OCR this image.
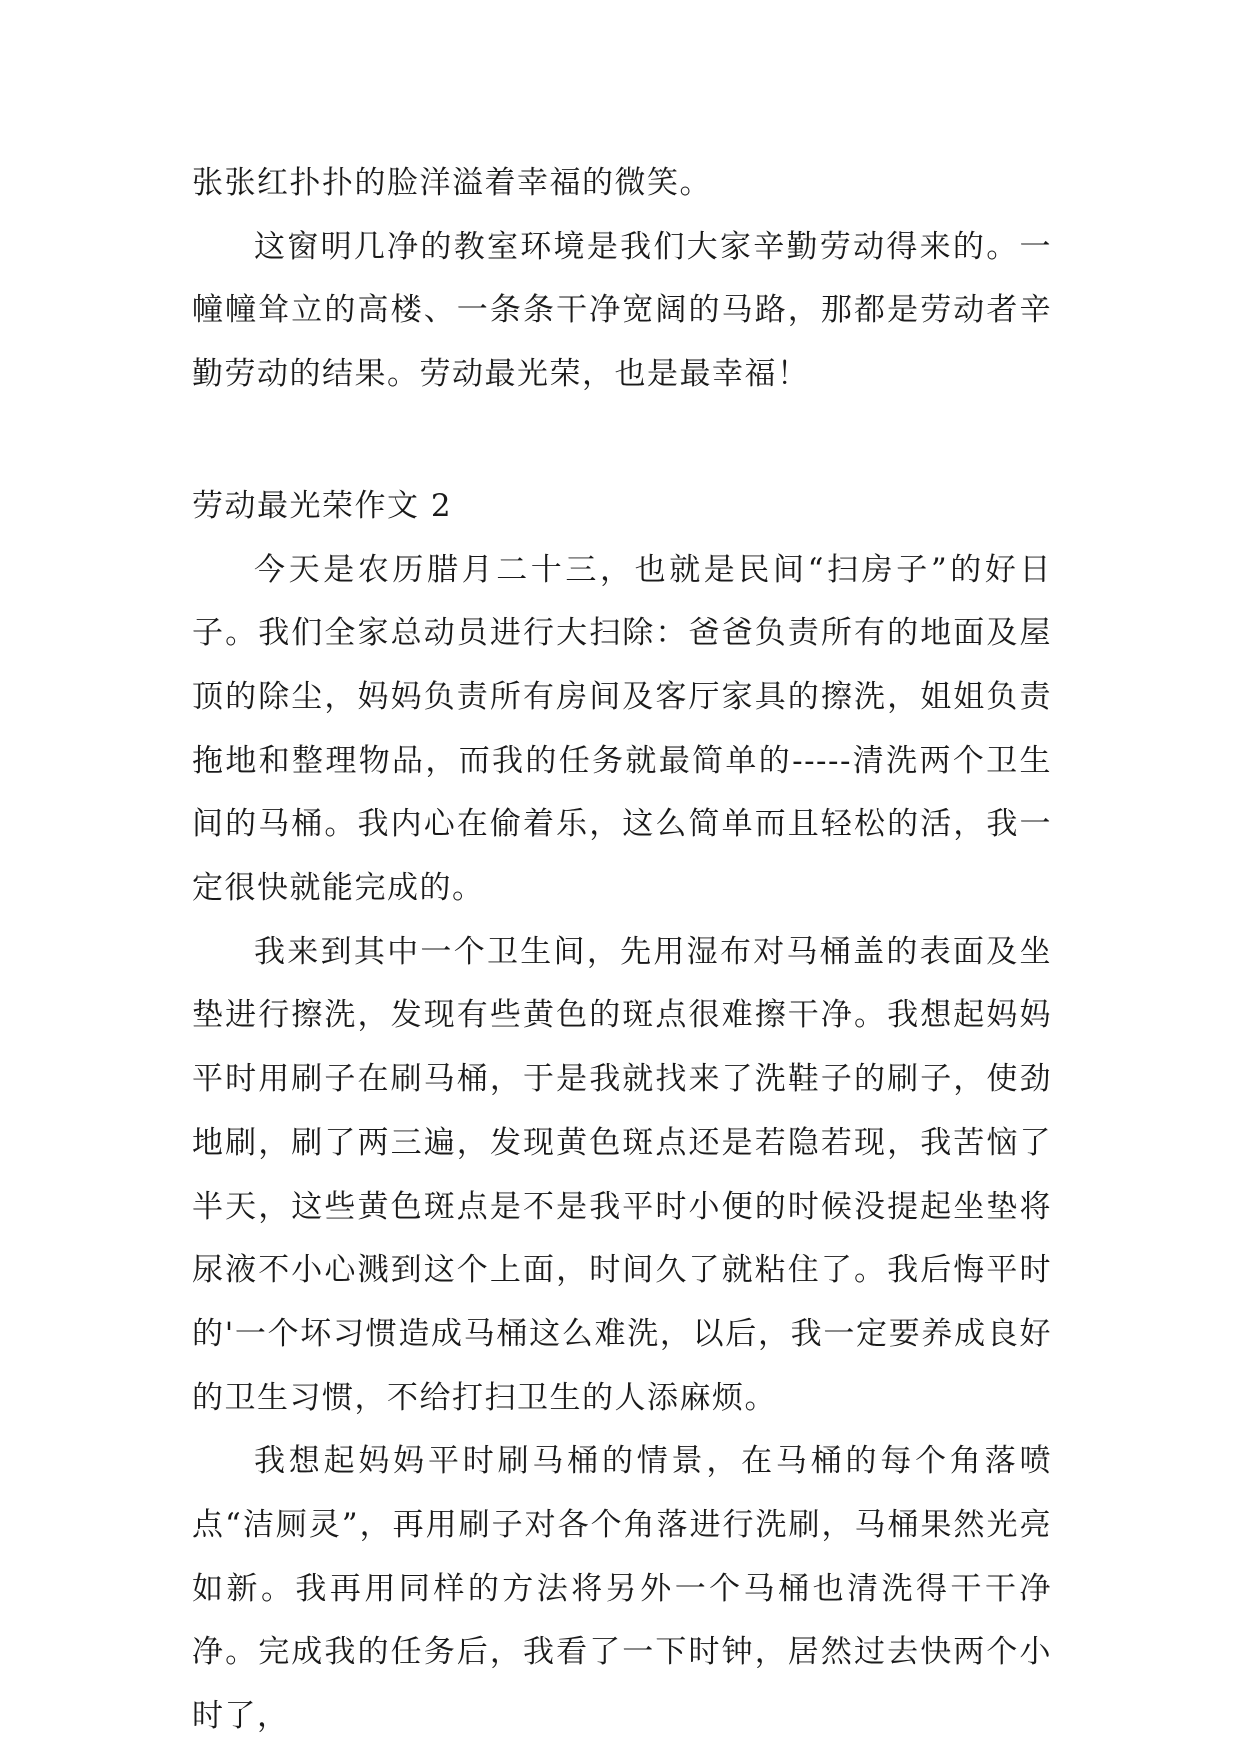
张张红扑扑的脸洋溢着幸福的微笑。

这窗明几净的教室环境是我们大家辛勤劳动得来的。一幢幢耸立的高楼、一条条干净宽阔的马路，那都是劳动者辛勤劳动的结果。劳动最光荣，也是最幸福！

劳动最光荣作文 2

今天是农历腊月二十三，也就是民间“扫房子”的好日子。我们全家总动员进行大扫除：爸爸负责所有的地面及屋顶的除尘，妈妈负责所有房间及客厅家具的擦洗，姐姐负责拖地和整理物品，而我的任务就最简单的-----清洗两个卫生间的马桶。我内心在偷着乐，这么简单而且轻松的活，我一定很快就能完成的。

我来到其中一个卫生间，先用湿布对马桶盖的表面及坐垫进行擦洗，发现有些黄色的斑点很难擦干净。我想起妈妈平时用刷子在刷马桶，于是我就找来了洗鞋子的刷子，使劲地刷，刷了两三遍，发现黄色斑点还是若隐若现，我苦恼了半天，这些黄色斑点是不是我平时小便的时候没提起坐垫将尿液不小心溅到这个上面，时间久了就粘住了。我后悔平时的'一个坏习惯造成马桶这么难洗，以后，我一定要养成良好的卫生习惯，不给打扫卫生的人添麻烦。

我想起妈妈平时刷马桶的情景，在马桶的每个角落喷点“洁厕灵”，再用刷子对各个角落进行洗刷，马桶果然光亮如新。我再用同样的方法将另外一个马桶也清洗得干干净净。完成我的任务后，我看了一下时钟，居然过去快两个小时了，
